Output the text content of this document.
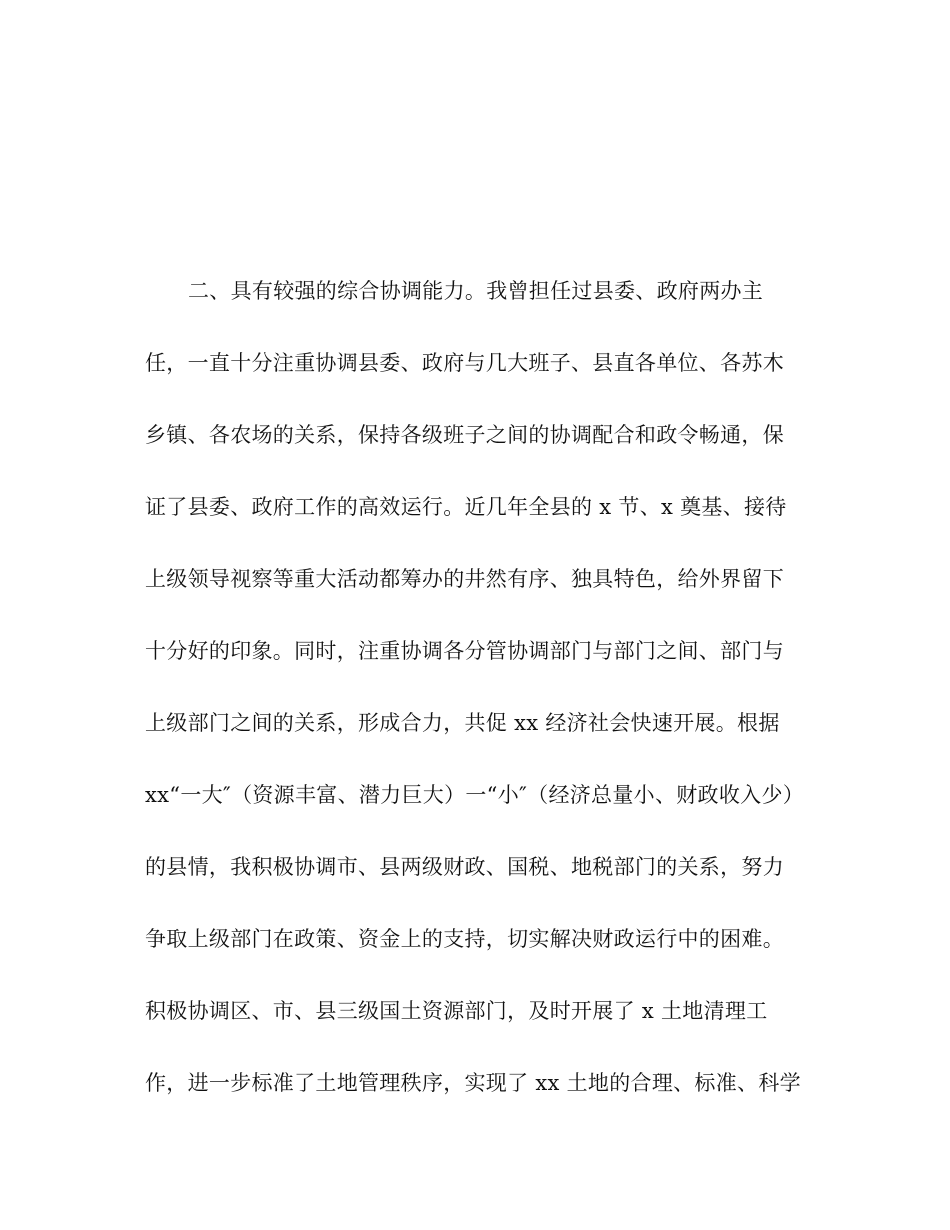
二、具有较强的综合协调能力。我曾担任过县委、政府两办主
任，一直十分注重协调县委、政府与几大班子、县直各单位、各苏木
乡镇、各农场的关系，保持各级班子之间的协调配合和政令畅通，保
证了县委、政府工作的高效运行。近几年全县的 x 节、x 奠基、接待
上级领导视察等重大活动都筹办的井然有序、独具特色，给外界留下
十分好的印象。同时，注重协调各分管协调部门与部门之间、部门与
上级部门之间的关系，形成合力，共促 xx 经济社会快速开展。根据
xx“一大″（资源丰富、潜力巨大）一“小″（经济总量小、财政收入少）
的县情，我积极协调市、县两级财政、国税、地税部门的关系，努力
争取上级部门在政策、资金上的支持，切实解决财政运行中的困难。
积极协调区、市、县三级国土资源部门，及时开展了 x 土地清理工
作，进一步标准了土地管理秩序，实现了 xx 土地的合理、标准、科学
